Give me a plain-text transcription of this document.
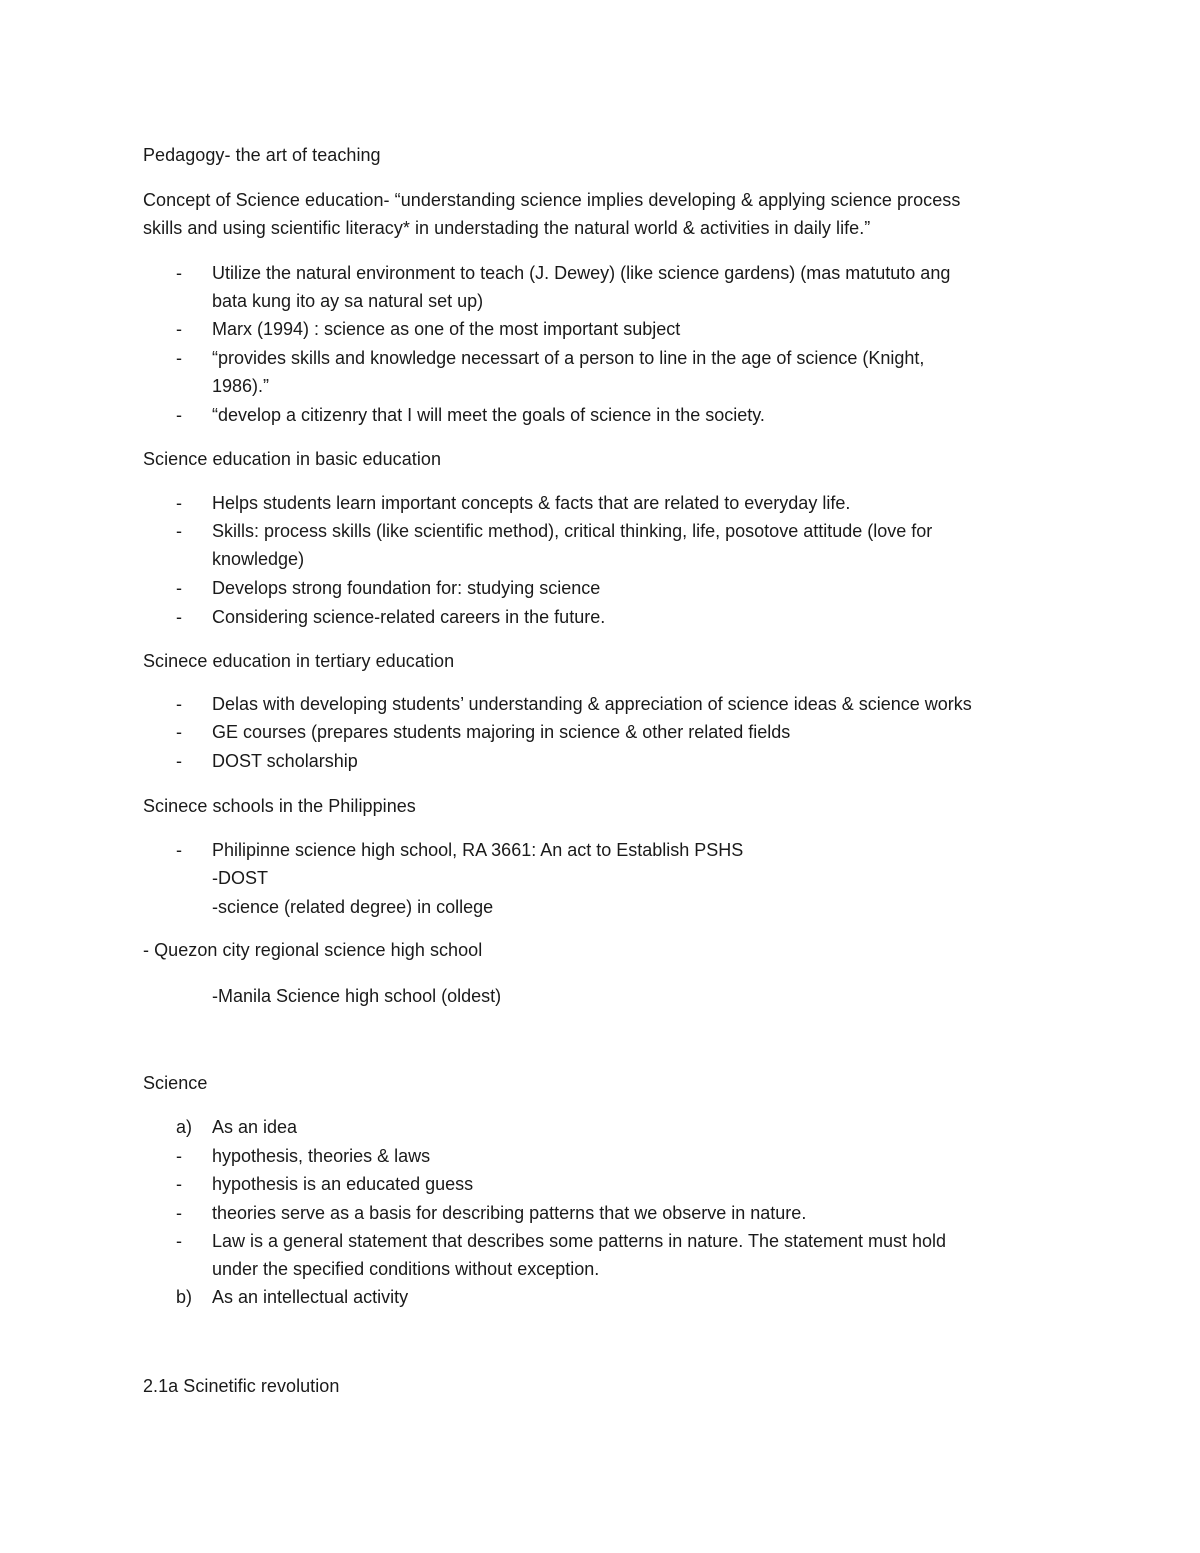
Pedagogy- the art of teaching
Concept of Science education- “understanding science implies developing & applying science process
skills and using scientific literacy* in understading the natural world & activities in daily life.”
- Utilize the natural environment to teach (J. Dewey) (like science gardens) (mas matututo ang
bata kung ito ay sa natural set up)
- Marx (1994) : science as one of the most important subject
- “provides skills and knowledge necessart of a person to line in the age of science (Knight,
1986).”
- “develop a citizenry that I will meet the goals of science in the society.
Science education in basic education
- Helps students learn important concepts & facts that are related to everyday life.
- Skills: process skills (like scientific method), critical thinking, life, posotove attitude (love for
knowledge)
- Develops strong foundation for: studying science
- Considering science-related careers in the future.
Scinece education in tertiary education
- Delas with developing students’ understanding & appreciation of science ideas & science works
- GE courses (prepares students majoring in science & other related fields
- DOST scholarship
Scinece schools in the Philippines
- Philipinne science high school, RA 3661: An act to Establish PSHS
-DOST
-science (related degree) in college
- Quezon city regional science high school
-Manila Science high school (oldest)
Science
a) As an idea
- hypothesis, theories & laws
- hypothesis is an educated guess
- theories serve as a basis for describing patterns that we observe in nature.
- Law is a general statement that describes some patterns in nature. The statement must hold
under the specified conditions without exception.
b) As an intellectual activity
2.1a Scinetific revolution
